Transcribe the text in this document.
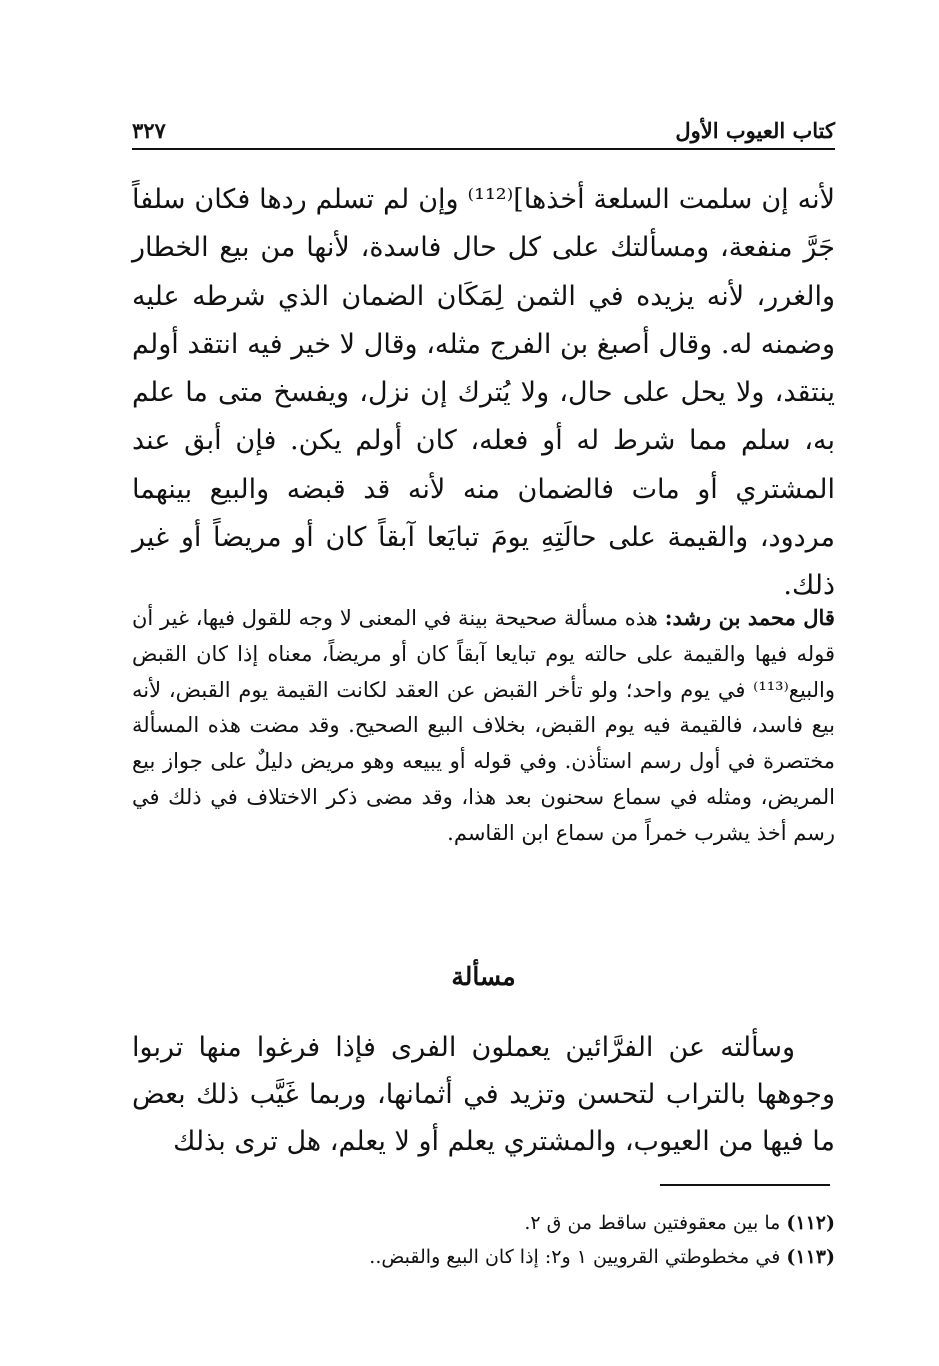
كتاب العيوب الأول
٣٢٧

لأنه إن سلمت السلعة أخذها]⁽¹¹²⁾ وإن لم تسلم ردها فكان سلفاً جَرَّ منفعة، ومسألتك على كل حال فاسدة، لأنها من بيع الخطار والغرر، لأنه يزيده في الثمن لِمَكَان الضمان الذي شرطه عليه وضمنه له. وقال أصبغ بن الفرج مثله، وقال لا خير فيه انتقد أولم ينتقد، ولا يحل على حال، ولا يُترك إن نزل، ويفسخ متى ما علم به، سلم مما شرط له أو فعله، كان أولم يكن. فإن أبق عند المشتري أو مات فالضمان منه لأنه قد قبضه والبيع بينهما مردود، والقيمة على حالَتِهِ يومَ تبايَعا آبقاً كان أو مريضاً أو غير ذلك.

قال محمد بن رشد: هذه مسألة صحيحة بينة في المعنى لا وجه للقول فيها، غير أن قوله فيها والقيمة على حالته يوم تبايعا آبقاً كان أو مريضاً، معناه إذا كان القبض والبيع⁽¹¹³⁾ في يوم واحد؛ ولو تأخر القبض عن العقد لكانت القيمة يوم القبض، لأنه بيع فاسد، فالقيمة فيه يوم القبض، بخلاف البيع الصحيح. وقد مضت هذه المسألة مختصرة في أول رسم استأذن. وفي قوله أو يبيعه وهو مريض دليلٌ على جواز بيع المريض، ومثله في سماع سحنون بعد هذا، وقد مضى ذكر الاختلاف في ذلك في رسم أخذ يشرب خمراً من سماع ابن القاسم.

مسألة

وسألته عن الفرَّائين يعملون الفرى فإذا فرغوا منها تربوا وجوهها بالتراب لتحسن وتزيد في أثمانها، وربما غَيَّب ذلك بعض ما فيها من العيوب، والمشتري يعلم أو لا يعلم، هل ترى بذلك

(١١٢) ما بين معقوفتين ساقط من ق ٢.

(١١٣) في مخطوطتي القرويين ١ و٢: إذا كان البيع والقبض..
